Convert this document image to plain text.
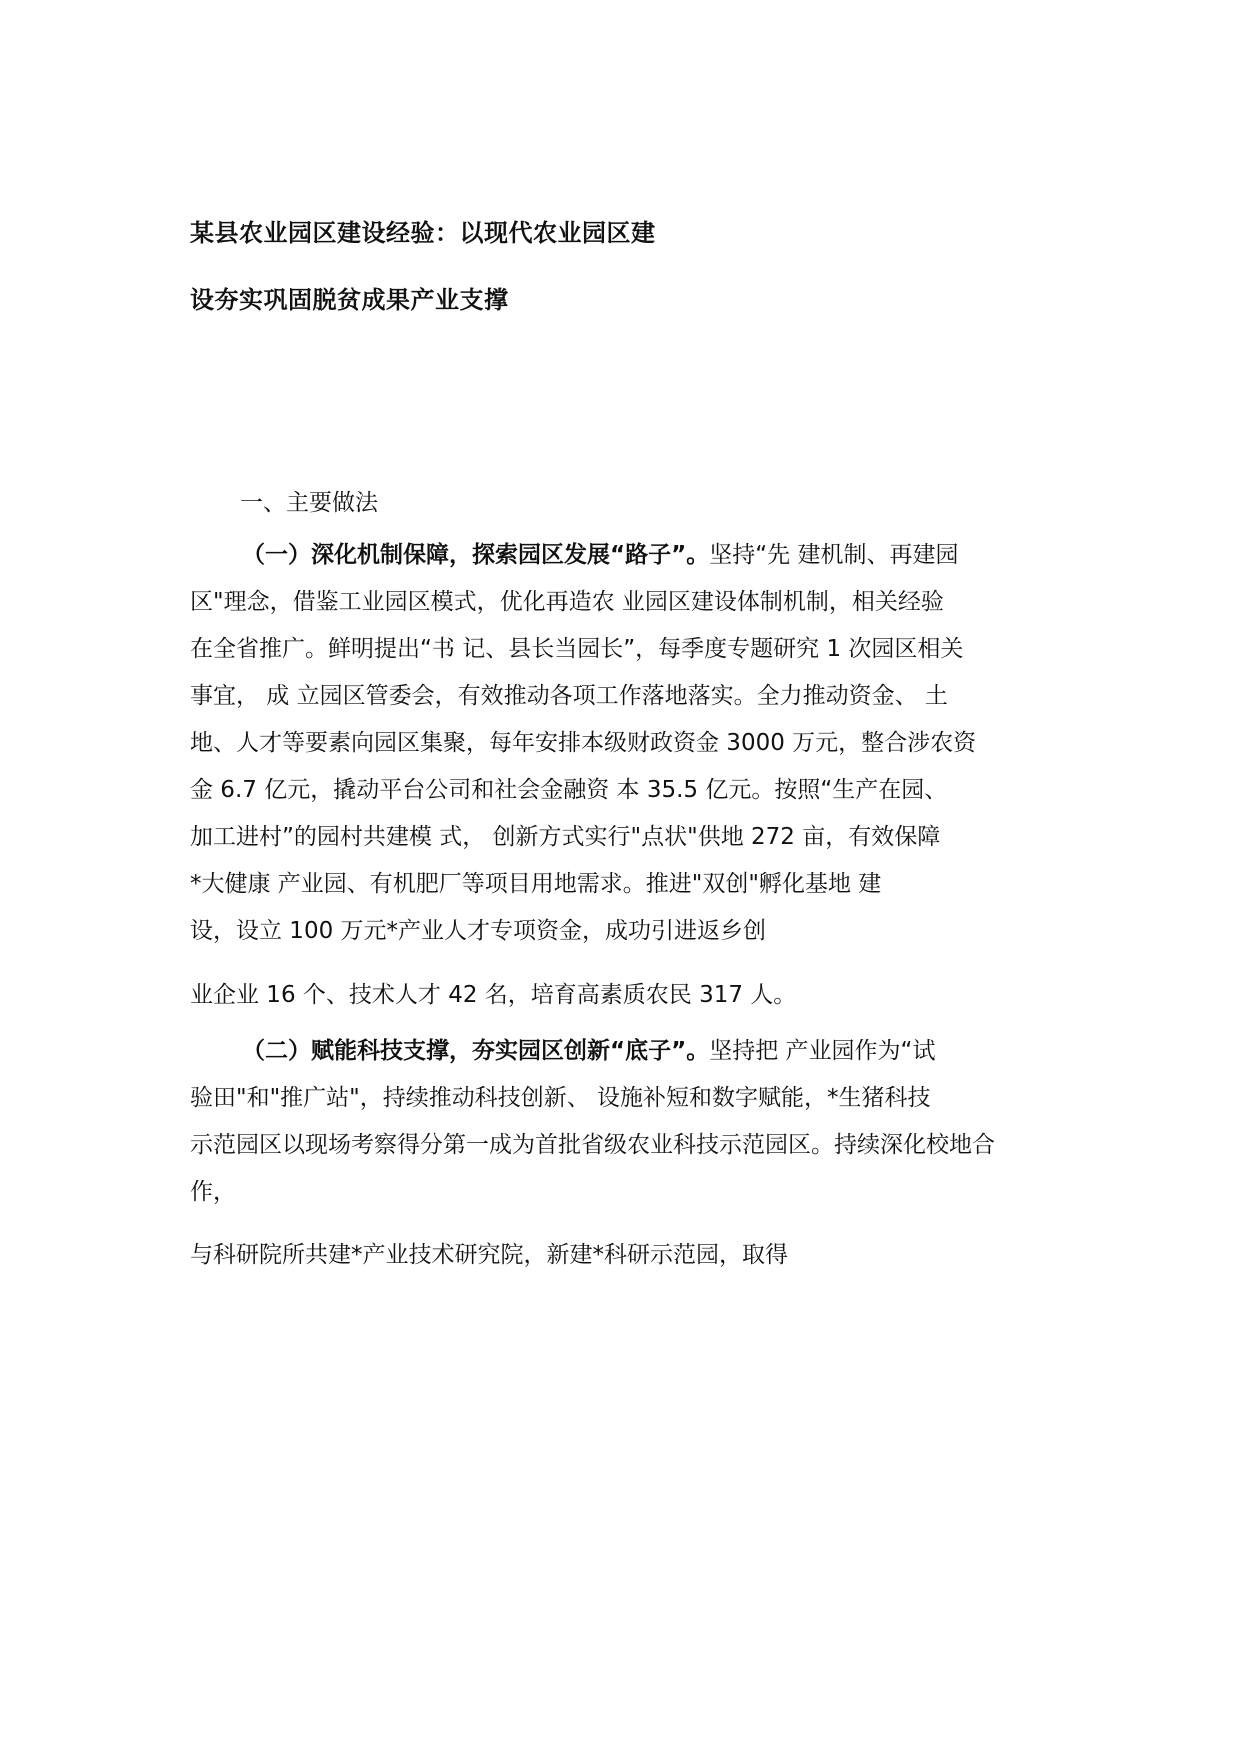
某县农业园区建设经验：以现代农业园区建
设夯实巩固脱贫成果产业支撑
一、主要做法
（一）深化机制保障，探索园区发展“路子”。坚持“先 建机制、再建园
区"理念，借鉴工业园区模式，优化再造农 业园区建设体制机制，相关经验
在全省推广。鲜明提出“书 记、县长当园长”，每季度专题研究 1 次园区相关
事宜， 成 立园区管委会，有效推动各项工作落地落实。全力推动资金、 土
地、人才等要素向园区集聚，每年安排本级财政资金 3000 万元，整合涉农资
金 6.7 亿元，撬动平台公司和社会金融资 本 35.5 亿元。按照“生产在园、
加工进村”的园村共建模 式， 创新方式实行"点状"供地 272 亩，有效保障
*大健康 产业园、有机肥厂等项目用地需求。推进"双创"孵化基地 建
设，设立 100 万元*产业人才专项资金，成功引进返乡创
业企业 16 个、技术人才 42 名，培育高素质农民 317 人。
（二）赋能科技支撑，夯实园区创新“底子”。坚持把 产业园作为“试
验田"和"推广站"，持续推动科技创新、 设施补短和数字赋能，*生猪科技
示范园区以现场考察得分第一成为首批省级农业科技示范园区。持续深化校地合
作，
与科研院所共建*产业技术研究院，新建*科研示范园，取得
